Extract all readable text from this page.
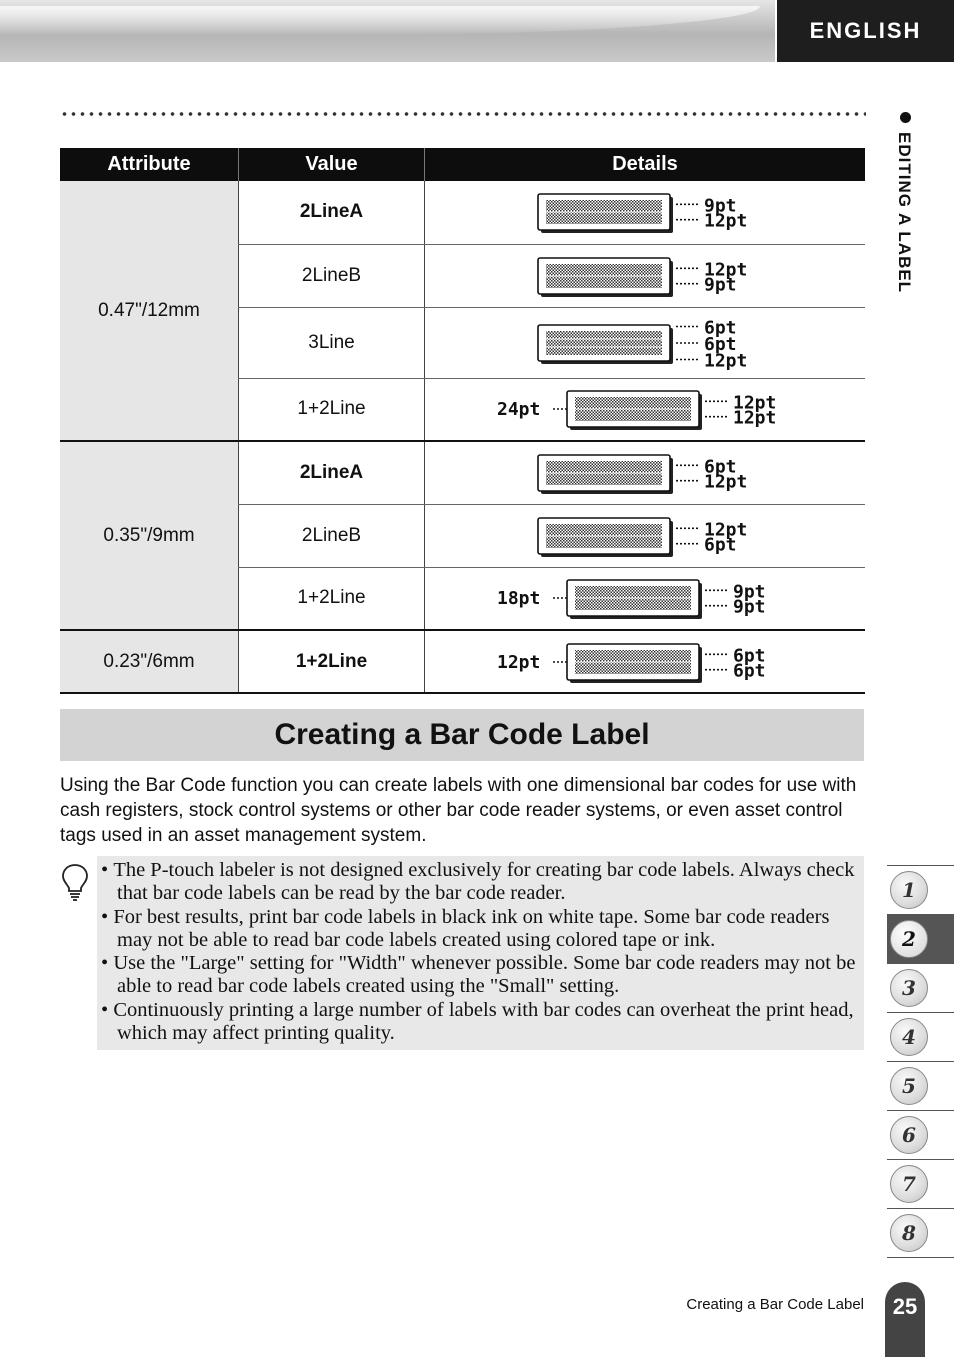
ENGLISH
EDITING A LABEL
Attribute	Value	Details
0.47"/12mm	2LineA	9pt
12pt

	2LineB	12pt
9pt

	3Line	6pt
6pt
12pt

	1+2Line	24pt 12pt
12pt

0.35"/9mm	2LineA	6pt
12pt

	2LineB	12pt
6pt

	1+2Line	18pt 9pt
9pt

0.23"/6mm	1+2Line	12pt 6pt
6pt
Creating a Bar Code Label
Using the Bar Code function you can create labels with one dimensional bar codes for use with cash registers, stock control systems or other bar code reader systems, or even asset control tags used in an asset management system.
• The P-touch labeler is not designed exclusively for creating bar code labels. Always check that bar code labels can be read by the bar code reader.
• For best results, print bar code labels in black ink on white tape. Some bar code readers may not be able to read bar code labels created using colored tape or ink.
• Use the "Large" setting for "Width" whenever possible. Some bar code readers may not be able to read bar code labels created using the "Small" setting.
• Continuously printing a large number of labels with bar codes can overheat the print head, which may affect printing quality.
1
2
3
4
5
6
7
8
Creating a Bar Code Label	25
